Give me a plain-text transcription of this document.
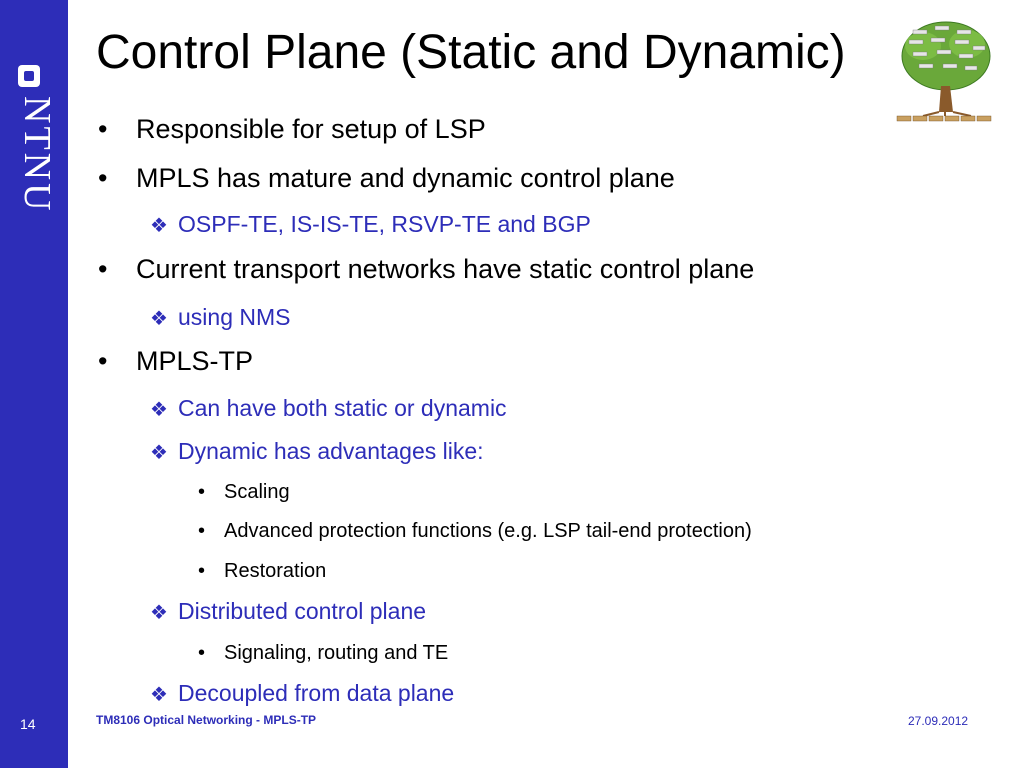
NTNU
14
Control Plane (Static and Dynamic)
• Responsible for setup of LSP
• MPLS has mature and dynamic control plane
❖ OSPF-TE, IS-IS-TE, RSVP-TE and BGP
• Current transport networks have static control plane
❖ using NMS
• MPLS-TP
❖ Can have both static or dynamic
❖ Dynamic has advantages like:
• Scaling
• Advanced protection functions (e.g. LSP tail-end protection)
• Restoration
❖ Distributed control plane
• Signaling, routing and TE
❖ Decoupled from data plane
TM8106 Optical Networking - MPLS-TP	27.09.2012
